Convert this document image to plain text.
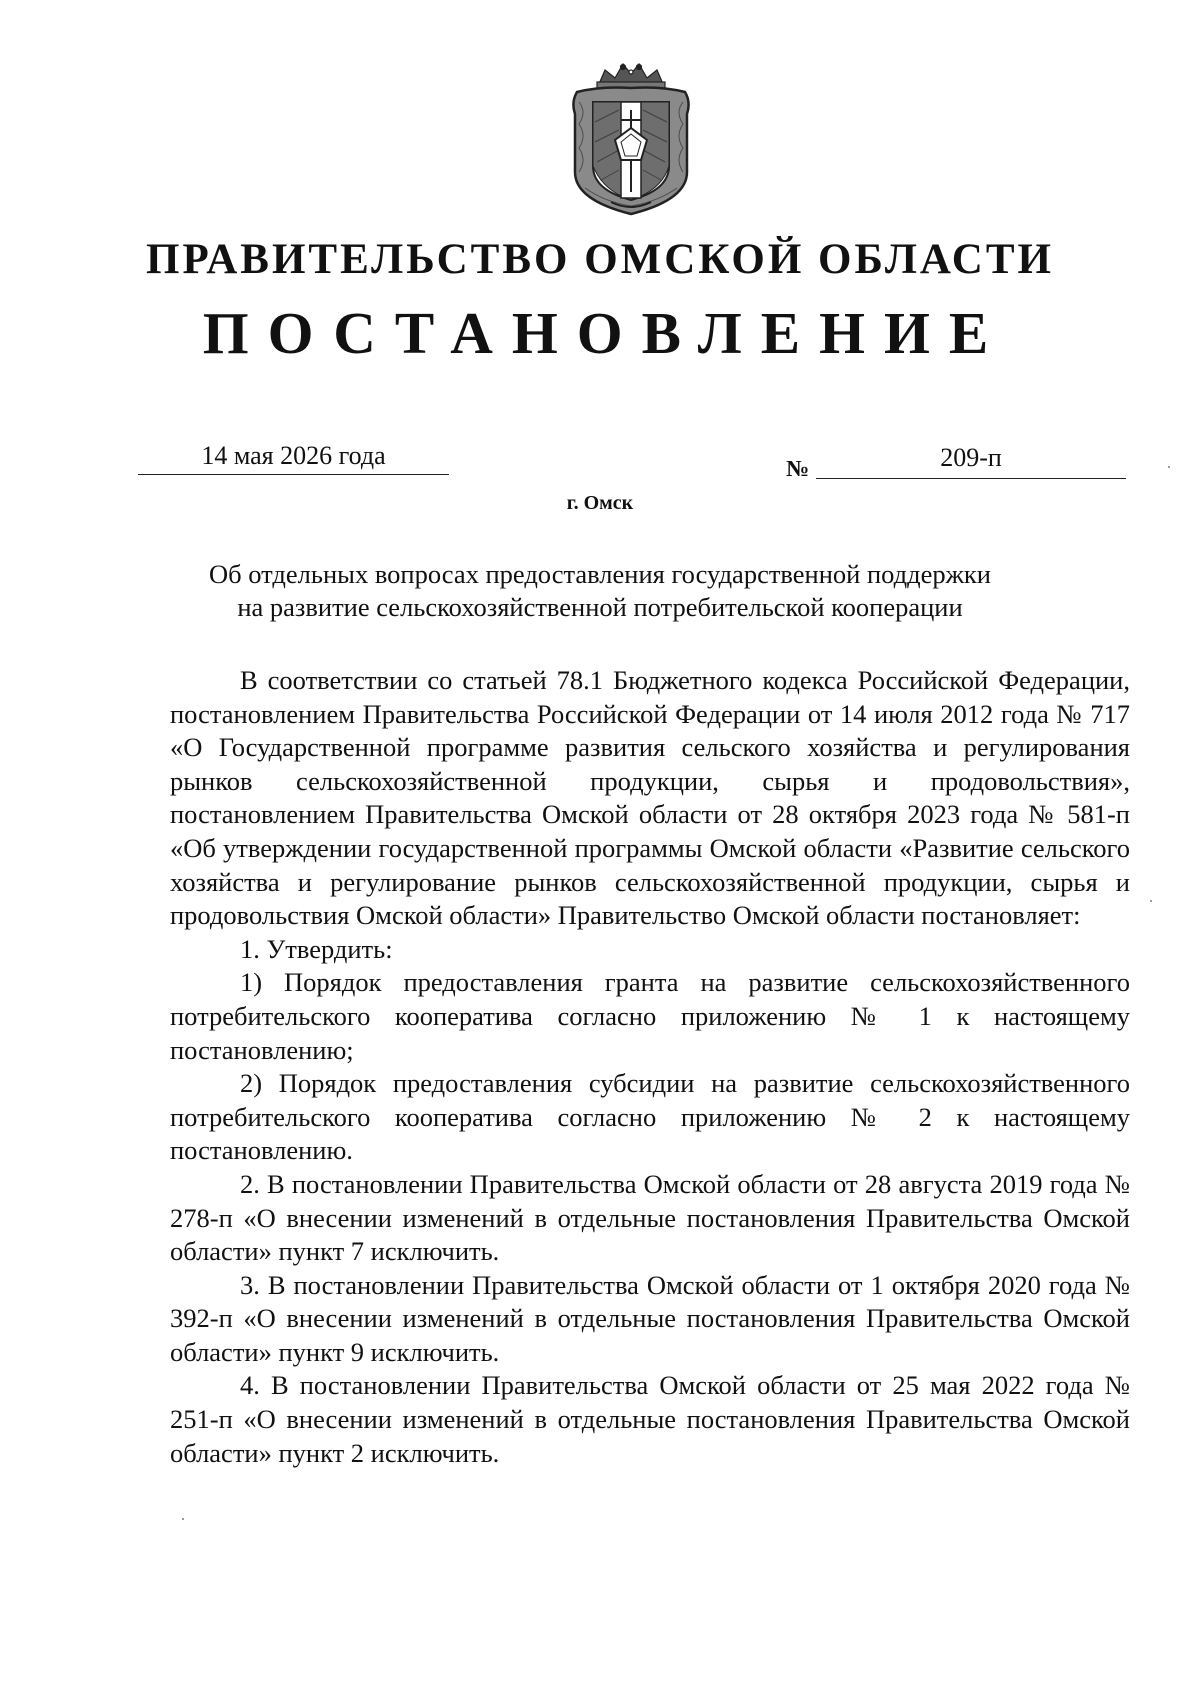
ПРАВИТЕЛЬСТВО ОМСКОЙ ОБЛАСТИ
ПОСТАНОВЛЕНИЕ
14 мая 2026 года	№	209-п
г. Омск
Об отдельных вопросах предоставления государственной поддержки
на развитие сельскохозяйственной потребительской кооперации

В соответствии со статьей 78.1 Бюджетного кодекса Российской Федерации, постановлением Правительства Российской Федерации от 14 июля 2012 года № 717 «О Государственной программе развития сельского хозяйства и регулирования рынков сельскохозяйственной продукции, сырья и продовольствия», постановлением Правительства Омской области от 28 октября 2023 года № 581-п «Об утверждении государственной программы Омской области «Развитие сельского хозяйства и регулирование рынков сельскохозяйственной продукции, сырья и продовольствия Омской области» Правительство Омской области постановляет:

1. Утвердить:

1) Порядок предоставления гранта на развитие сельскохозяйственного потребительского кооператива согласно приложению № 1 к настоящему постановлению;

2) Порядок предоставления субсидии на развитие сельскохозяйственного потребительского кооператива согласно приложению № 2 к настоящему постановлению.

2. В постановлении Правительства Омской области от 28 августа 2019 года № 278-п «О внесении изменений в отдельные постановления Правительства Омской области» пункт 7 исключить.

3. В постановлении Правительства Омской области от 1 октября 2020 года № 392-п «О внесении изменений в отдельные постановления Правительства Омской области» пункт 9 исключить.

4. В постановлении Правительства Омской области от 25 мая 2022 года № 251-п «О внесении изменений в отдельные постановления Правительства Омской области» пункт 2 исключить.
